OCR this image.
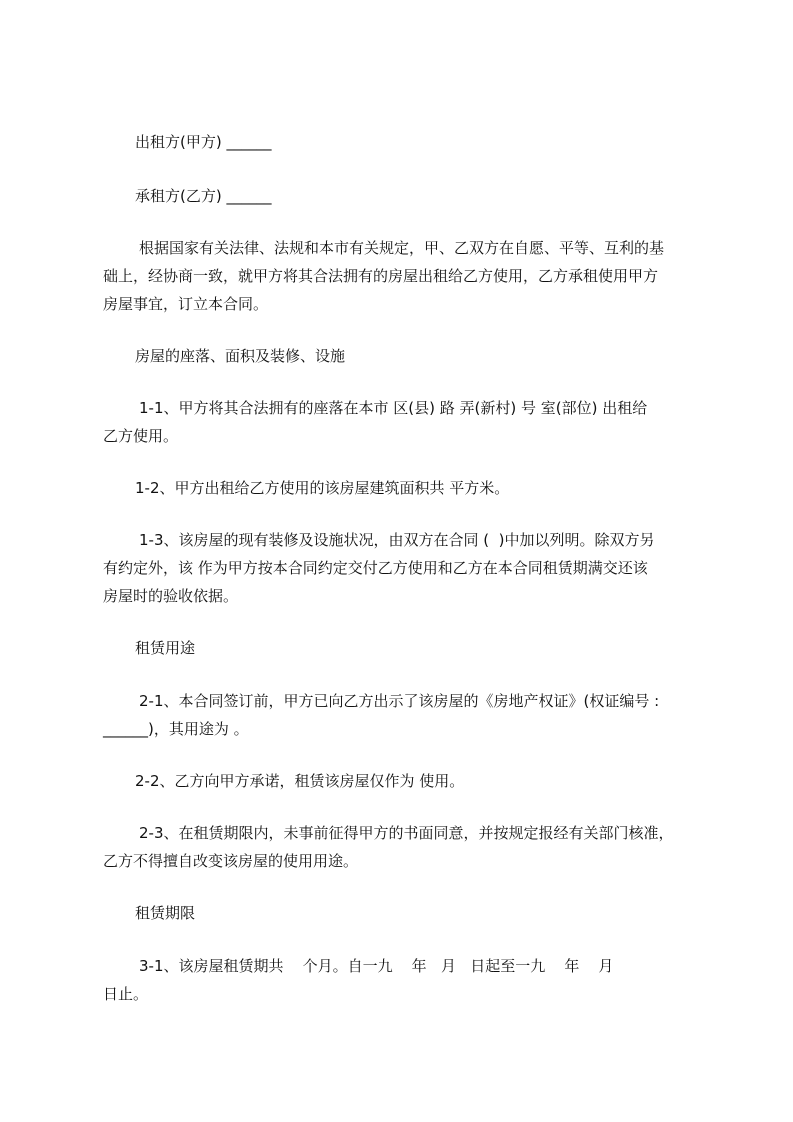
出租方(甲方) ______
承租方(乙方) ______
根据国家有关法律、法规和本市有关规定，甲、乙双方在自愿、平等、互利的基
础上，经协商一致，就甲方将其合法拥有的房屋出租给乙方使用，乙方承租使用甲方
房屋事宜，订立本合同。
房屋的座落、面积及装修、设施
1-1、甲方将其合法拥有的座落在本市 区(县) 路 弄(新村) 号 室(部位) 出租给
乙方使用。
1-2、甲方出租给乙方使用的该房屋建筑面积共 平方米。
1-3、该房屋的现有装修及设施状况，由双方在合同 (  )中加以列明。除双方另
有约定外，该 作为甲方按本合同约定交付乙方使用和乙方在本合同租赁期满交还该
房屋时的验收依据。
租赁用途
2-1、本合同签订前，甲方已向乙方出示了该房屋的《房地产权证》(权证编号 :
______)，其用途为 。
2-2、乙方向甲方承诺，租赁该房屋仅作为 使用。
2-3、在租赁期限内，未事前征得甲方的书面同意，并按规定报经有关部门核准，
乙方不得擅自改变该房屋的使用用途。
租赁期限
3-1、该房屋租赁期共    个月。自一九    年   月   日起至一九    年    月
日止。
